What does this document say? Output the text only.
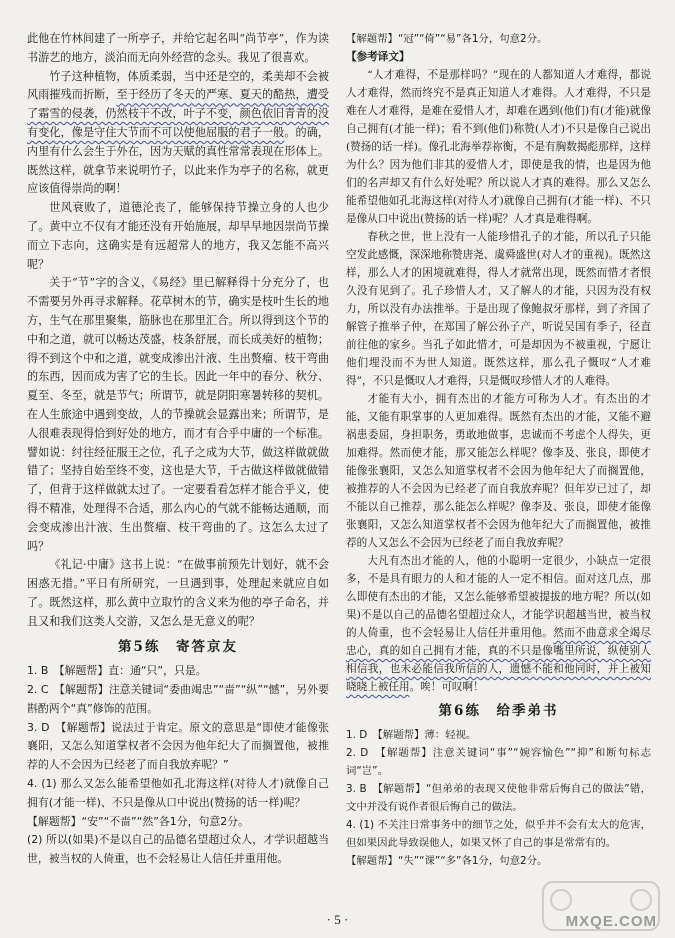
此他在竹林间建了一所亭子，并给它起名叫“尚节亭”，作为读书游艺的地方，淡泊而无向外经营的念头。我见了很喜欢。

竹子这种植物，体质柔弱，当中还是空的，柔美却不会被风雨摧残而折断，至于经历了冬天的严寒、夏天的酷热，遭受了霜雪的侵袭，仍然枝干不改，叶子不变，颜色依旧青青的没有变化，像是守住大节而不可以使他屈服的君子一般。的确，内里有什么会生于外在，因为天赋的真性常常表现在形体上。既然这样，就拿节来说明竹子，以此来作为亭子的名称，就更应该值得崇尚的啊！

世风衰败了，道德沦丧了，能够保持节操立身的人也少了。黄中立不仅有才能还没有开始施展，却早早地因崇尚节操而立下志向，这确实是有远超常人的地方，我又怎能不高兴呢？

关于“节”字的含义，《易经》里已解释得十分充分了，也不需要另外再寻求解释。花草树木的节，确实是枝叶生长的地方，生气在那里聚集，筋脉也在那里汇合。所以得到这个节的中和之道，就可以畅达茂盛，枝条舒展，而长成美好的植物；得不到这个中和之道，就变成渗出汁液、生出赘瘤、枝干弯曲的东西，因而成为害了它的生长。因此一年中的春分、秋分、夏至、冬至，就是节气；所谓节，就是阴阳寒暑转移的契机。在人生旅途中遇到变故，人的节操就会显露出来；所谓节，是人很难表现得恰到好处的地方，而才有合乎中庸的一个标准。譬如说：纣往经征服王之位，孔子之成为大节，做这样做就做错了；坚持自始至终不变，这也是大节，千古做这样做就做错了，但背于这样做就太过了。一定要看看怎样才能合乎义，使得不精准，处理得不合适，那么内心的气就不能畅达通顺，而会变成渗出汁液、生出赘瘤、枝干弯曲的了。这怎么太过了吗？

《礼记·中庸》这书上说：“在做事前预先计划好，就不会困惑无措。”平日有所研究，一旦遇到事，处理起来就应自如了。既然这样，那么黄中立取竹的含义来为他的亭子命名，并且又和我们这类人交游，又怎么是无意义的呢？

第5练　寄答京友

1. B　【解题帮】直：通“只”，只是。

2. C　【解题帮】注意关键词“委曲竭忠”“啬”“纵”“憾”，另外要斟酌两个“真”修饰的范围。

3. D　【解题帮】说法过于肯定。原文的意思是“即使才能像张襄阳，又怎么知道掌权者不会因为他年纪大了而搁置他，被推荐的人不会因为已经老了而自我放弃呢？”

4. (1) 那么又怎么能希望他如孔北海这样(对待人才)就像自己拥有(才能一样)、不只是像从口中说出(赞扬的话一样)呢？

【解题帮】“安”“不啬”“然”各1分，句意2分。

(2) 所以(如果)不是以自己的品德名望超过众人，才学识超越当世，被当权的人倚重，也不会轻易让人信任并重用他。

【解题帮】“冠”“倚”“易”各1分，句意2分。

【参考译文】

“人才难得，不是那样吗？”现在的人都知道人才难得，都说人才难得，然而终究不是真正知道人才难得。人才难得，不只是难在人才难得，是难在爱惜人才，却难在遇到(他们)有(才能)就像自己拥有(才能一样)；看不到(他们)称赞(人才)不只是像自己说出(赞扬的话一样)。像孔北海举荐祢衡，不是有胸数揭彪那样，这样为什么？因为他们非其的爱惜人才，即使是我的情，也是因为他们的名声却又有什么好处呢？所以说人才真的难得。那么又怎么能希望他如孔北海这样(对待人才)就像自己拥有(才能一样)、不只是像从口中说出(赞扬的话一样)呢？人才真是难得啊。

春秋之世，世上没有一人能珍惜孔子的才能，所以孔子只能空发此感慨，深深地称赞唐尧、虞舜盛世(对人才的重视)。既然这样，那么人才的困境就难得，得人才就常出现，既然而惜才者恨久没有见到了。孔子珍惜人才，又了解人的才能，只因为没有权力，所以没有办法推举。于是出现了像鲍叔牙那样，到了齐国了解管子推举子仲，在郑国了解公孙子产，听说吴国有季子，径直前往他的家乡。当孔子如此惜才，可是却因为不被重视，宁愿让他们埋没而不为世人知道。既然这样，那么孔子慨叹“人才难得”，不只是慨叹人才难得，只是慨叹珍惜人才的人难得。

才能有大小，拥有杰出的才能方可称为人才。有杰出的才能，又能有职掌事的人更加难得。既然有杰出的才能，又能不避祸患委屈，身担职务，勇敢地做事，忠诚而不考虑个人得失，更加难得。然而使才能，那又能怎么样呢？像李及、张良，即使才能像张襄阳，又怎么知道掌权者不会因为他年纪大了而搁置他，被推荐的人不会因为已经老了而自我放弃呢？但年岁已过了，却不能以自己推荐，那么能怎么样呢？像李及、张良，即使才能像张襄阳，又怎么知道掌权者不会因为他年纪大了而搁置他，被推荐的人又怎么不会因为已经老了而自我放弃呢？

大凡有杰出才能的人，他的小聪明一定很少，小缺点一定很多，不是具有眼力的人和才能的人一定不相信。面对这几点，那么即使有杰出的才能，又怎么能够希望被提拔的地方呢？所以(如果)不是以自己的品德名望超过众人，才能学识超越当世，被当权的人倚重，也不会轻易让人信任并重用他。然而不曲意求全竭尽忠心，真的如自己拥有才能，真的不只是像嘴里所说，纵使别人相信我，也未必能信我所信的人，遗憾不能和他同时，并上被知晓晓上被任用。唉！可叹啊！

第6练　给季弟书

1. D　【解题帮】薄：轻视。

2. D　【解题帮】注意关键词“事”“婉容愉色”“抑”和断句标志词“岂”。

3. B　【解题帮】“但弟弟的表现又使他非常后悔自己的做法”错，文中并没有说作者很后悔自己的做法。

4. (1) 不关注日常事务中的细节之处，似乎并不会有太大的危害，但如果因此导致误他人，如果又怀了自己的事是常常有的。

【解题帮】“失”“课”“多”各1分，句意2分。

MXQE.COM
· 5 ·
